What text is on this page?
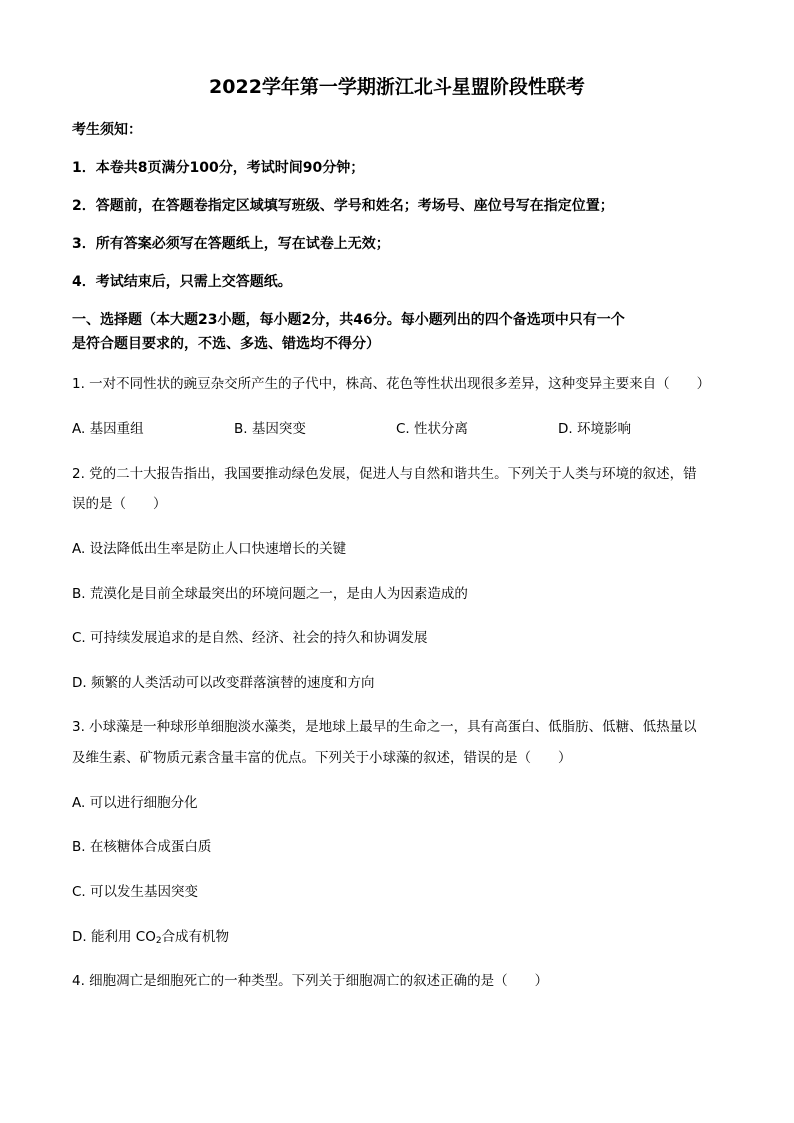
2022学年第一学期浙江北斗星盟阶段性联考
考生须知：
1．本卷共8页满分100分，考试时间90分钟；
2．答题前，在答题卷指定区域填写班级、学号和姓名；考场号、座位号写在指定位置；
3．所有答案必须写在答题纸上，写在试卷上无效；
4．考试结束后，只需上交答题纸。
一、选择题（本大题23小题，每小题2分，共46分。每小题列出的四个备选项中只有一个
是符合题目要求的，不选、多选、错选均不得分）
1. 一对不同性状的豌豆杂交所产生的子代中，株高、花色等性状出现很多差异，这种变异主要来自（　　）
A. 基因重组	B. 基因突变	C. 性状分离	D. 环境影响
2. 党的二十大报告指出，我国要推动绿色发展，促进人与自然和谐共生。下列关于人类与环境的叙述，错
误的是（　　）
A. 设法降低出生率是防止人口快速增长的关键
B. 荒漠化是目前全球最突出的环境问题之一，是由人为因素造成的
C. 可持续发展追求的是自然、经济、社会的持久和协调发展
D. 频繁的人类活动可以改变群落演替的速度和方向
3. 小球藻是一种球形单细胞淡水藻类，是地球上最早的生命之一，具有高蛋白、低脂肪、低糖、低热量以
及维生素、矿物质元素含量丰富的优点。下列关于小球藻的叙述，错误的是（　　）
A. 可以进行细胞分化
B. 在核糖体合成蛋白质
C. 可以发生基因突变
D. 能利用 $CO_2$合成有机物
4. 细胞凋亡是细胞死亡的一种类型。下列关于细胞凋亡的叙述正确的是（　　）
